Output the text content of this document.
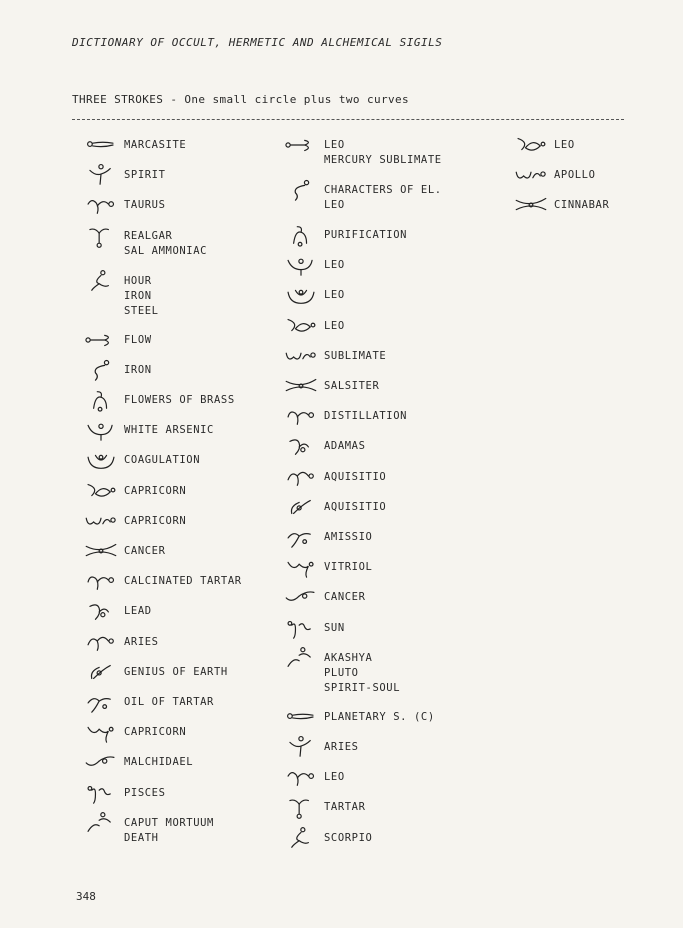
DICTIONARY OF OCCULT, HERMETIC AND ALCHEMICAL SIGILS
THREE STROKES - One small circle plus two curves
MARCASITE
SPIRIT
TAURUS
REALGAR
SAL AMMONIAC
HOUR
IRON
STEEL
FLOW
IRON
FLOWERS OF BRASS
WHITE ARSENIC
COAGULATION
CAPRICORN
CAPRICORN
CANCER
CALCINATED TARTAR
LEAD
ARIES
GENIUS OF EARTH
OIL OF TARTAR
CAPRICORN
MALCHIDAEL
PISCES
CAPUT MORTUUM
DEATH
LEO
MERCURY SUBLIMATE
CHARACTERS OF EL.
LEO
PURIFICATION
LEO
LEO
LEO
SUBLIMATE
SALSITER
DISTILLATION
ADAMAS
AQUISITIO
AQUISITIO
AMISSIO
VITRIOL
CANCER
SUN
AKASHYA
PLUTO
SPIRIT-SOUL
PLANETARY S. (C)
ARIES
LEO
TARTAR
SCORPIO
LEO
APOLLO
CINNABAR
348
